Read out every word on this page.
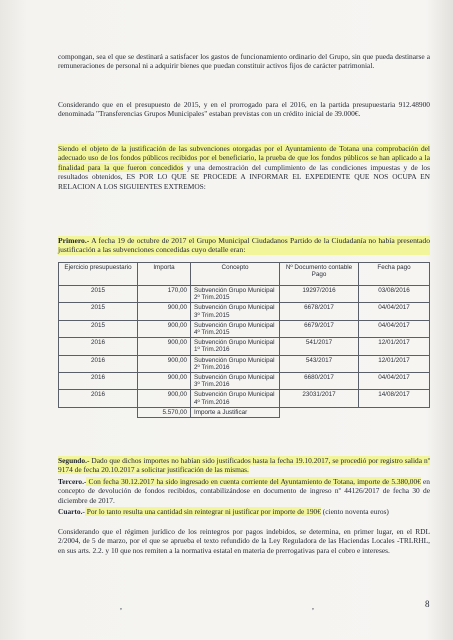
compongan, sea el que se destinará a satisfacer los gastos de funcionamiento ordinario del Grupo, sin que pueda destinarse a remuneraciones de personal ni a adquirir bienes que puedan constituir activos fijos de carácter patrimonial.

Considerando que en el presupuesto de 2015, y en el prorrogado para el 2016, en la partida presupuestaria 912.48900 denominada "Transferencias Grupos Municipales" estaban previstas con un crédito inicial de 39.000€.

Siendo el objeto de la justificación de las subvenciones otorgadas por el Ayuntamiento de Totana una comprobación del adecuado uso de los fondos públicos recibidos por el beneficiario, la prueba de que los fondos públicos se han aplicado a la finalidad para la que fueron concedidos y una demostración del cumplimiento de las condiciones impuestas y de los resultados obtenidos, ES POR LO QUE SE PROCEDE A INFORMAR EL EXPEDIENTE QUE NOS OCUPA EN RELACION A LOS SIGUIENTES EXTREMOS:

Primero.- A fecha 19 de octubre de 2017 el Grupo Municipal Ciudadanos Partido de la Ciudadanía no había presentado justificación a las subvenciones concedidas cuyo detalle eran:

Ejercicio presupuestario	Importa	Concepto	Nº Documento contable Pago	Fecha pago
2015	170,00	Subvención Grupo Municipal 2º Trim.2015	19297/2016	03/08/2016
2015	900,00	Subvención Grupo Municipal 3º Trim.2015	6678/2017	04/04/2017
2015	900,00	Subvención Grupo Municipal 4º Trim.2015	6679/2017	04/04/2017
2016	900,00	Subvención Grupo Municipal 1º Trim.2016	541/2017	12/01/2017
2016	900,00	Subvención Grupo Municipal 2º Trim.2016	543/2017	12/01/2017
2016	900,00	Subvención Grupo Municipal 3º Trim.2016	6680/2017	04/04/2017
2016	900,00	Subvención Grupo Municipal 4º Trim.2016	23031/2017	14/08/2017
	5.570,00	Importe a Justificar		

Segundo.- Dado que dichos importes no habían sido justificados hasta la fecha 19.10.2017, se procedió por registro salida nº 9174 de fecha 20.10.2017 a solicitar justificación de las mismas.

Tercero.- Con fecha 30.12.2017 ha sido ingresado en cuenta corriente del Ayuntamiento de Totana, importe de 5.380,00€ en concepto de devolución de fondos recibidos, contabilizándose en documento de ingreso nº 44126/2017 de fecha 30 de diciembre de 2017.

Cuarto.- Por lo tanto resulta una cantidad sin reintegrar ni justificar por importe de 190€ (ciento noventa euros)

Considerando que el régimen jurídico de los reintegros por pagos indebidos, se determina, en primer lugar, en el RDL 2/2004, de 5 de marzo, por el que se aprueba el texto refundido de la Ley Reguladora de las Haciendas Locales -TRLRHL, en sus arts. 2.2. y 10 que nos remiten a la normativa estatal en materia de prerrogativas para el cobro e intereses.

,	,	8
